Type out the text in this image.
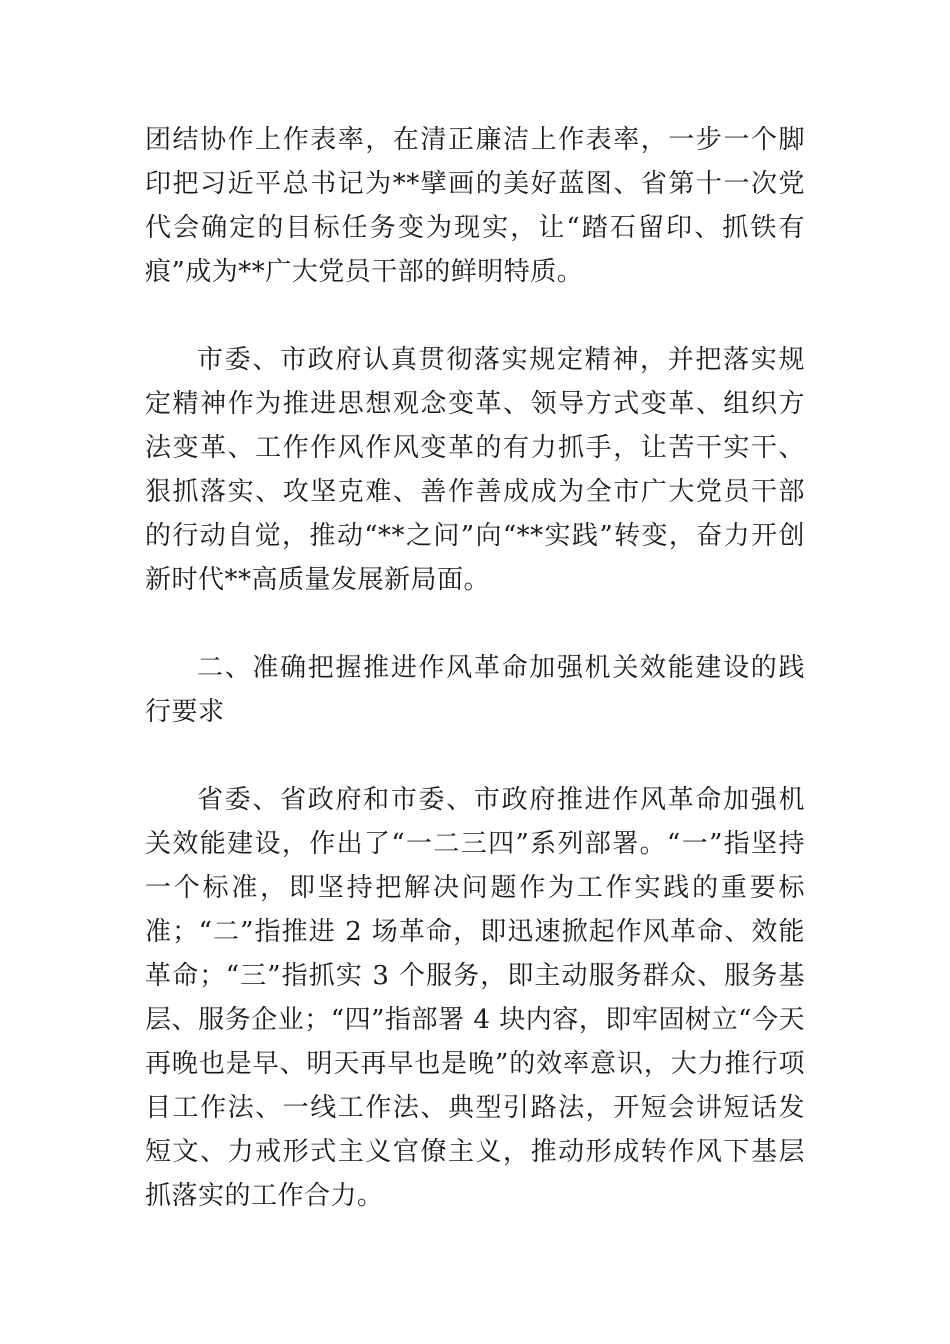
团结协作上作表率，在清正廉洁上作表率，一步一个脚印把习近平总书记为**擘画的美好蓝图、省第十一次党代会确定的目标任务变为现实，让“踏石留印、抓铁有痕”成为**广大党员干部的鲜明特质。

市委、市政府认真贯彻落实规定精神，并把落实规定精神作为推进思想观念变革、领导方式变革、组织方法变革、工作作风作风变革的有力抓手，让苦干实干、狠抓落实、攻坚克难、善作善成成为全市广大党员干部的行动自觉，推动“**之问”向“**实践”转变，奋力开创新时代**高质量发展新局面。

二、准确把握推进作风革命加强机关效能建设的践行要求

省委、省政府和市委、市政府推进作风革命加强机关效能建设，作出了“一二三四”系列部署。“一”指坚持一个标准，即坚持把解决问题作为工作实践的重要标准；“二”指推进 2 场革命，即迅速掀起作风革命、效能革命；“三”指抓实 3 个服务，即主动服务群众、服务基层、服务企业；“四”指部署 4 块内容，即牢固树立“今天再晚也是早、明天再早也是晚”的效率意识，大力推行项目工作法、一线工作法、典型引路法，开短会讲短话发短文、力戒形式主义官僚主义，推动形成转作风下基层抓落实的工作合力。
